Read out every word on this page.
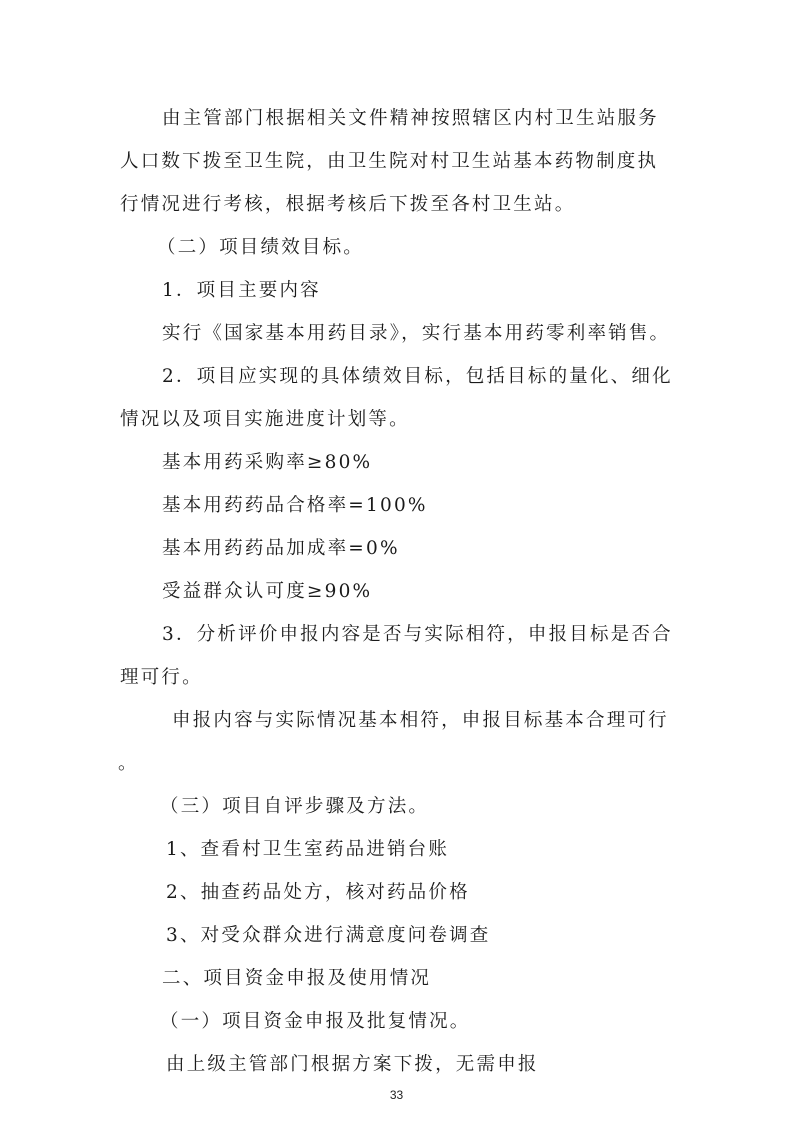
由主管部门根据相关文件精神按照辖区内村卫生站服务
人口数下拨至卫生院，由卫生院对村卫生站基本药物制度执
行情况进行考核，根据考核后下拨至各村卫生站。
（二）项目绩效目标。
1．项目主要内容
实行《国家基本用药目录》，实行基本用药零利率销售。
2．项目应实现的具体绩效目标，包括目标的量化、细化
情况以及项目实施进度计划等。
基本用药采购率≥80%
基本用药药品合格率=100%
基本用药药品加成率=0%
受益群众认可度≥90%
3．分析评价申报内容是否与实际相符，申报目标是否合
理可行。
申报内容与实际情况基本相符，申报目标基本合理可行
。
（三）项目自评步骤及方法。
1、查看村卫生室药品进销台账
2、抽查药品处方，核对药品价格
3、对受众群众进行满意度问卷调查
二、项目资金申报及使用情况
（一）项目资金申报及批复情况。
由上级主管部门根据方案下拨，无需申报
33
